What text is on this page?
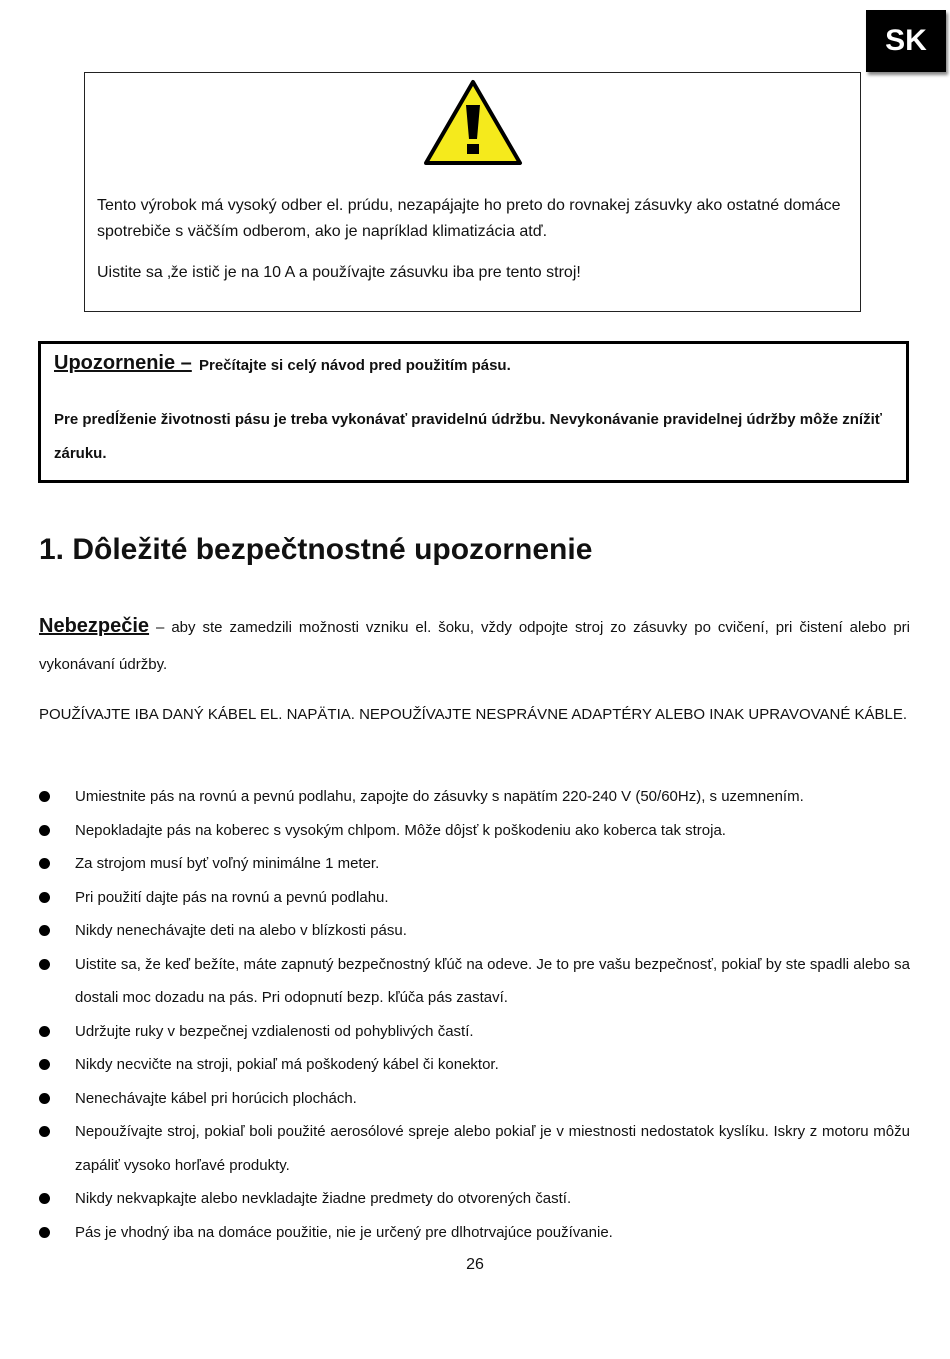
SK

Tento výrobok má vysoký odber el. prúdu, nezapájajte ho preto do rovnakej zásuvky ako ostatné domáce spotrebiče s väčším odberom, ako je napríklad klimatizácia atď.

Uistite sa ‚že istič je na 10 A a používajte zásuvku iba pre tento stroj!

Upozornenie – Prečítajte si celý návod pred použitím pásu.

Pre predĺženie životnosti pásu je treba vykonávať pravidelnú údržbu. Nevykonávanie pravidelnej údržby môže znížiť záruku.

1. Dôležité bezpečtnostné upozornenie

Nebezpečie – aby ste zamedzili možnosti vzniku el. šoku, vždy odpojte stroj zo zásuvky po cvičení, pri čistení alebo pri vykonávaní údržby.

POUŽÍVAJTE IBA DANÝ KÁBEL EL. NAPÄTIA. NEPOUŽÍVAJTE NESPRÁVNE ADAPTÉRY ALEBO INAK UPRAVOVANÉ KÁBLE.

Umiestnite pás na rovnú a pevnú podlahu, zapojte do zásuvky s napätím 220-240 V (50/60Hz), s uzemnením.
Nepokladajte pás na koberec s vysokým chlpom. Môže dôjsť k poškodeniu ako koberca tak stroja.
Za strojom musí byť voľný minimálne 1 meter.
Pri použití dajte pás na rovnú a pevnú podlahu.
Nikdy nenechávajte deti na alebo v blízkosti pásu.
Uistite sa, že keď bežíte, máte zapnutý bezpečnostný kľúč na odeve. Je to pre vašu bezpečnosť, pokiaľ by ste spadli alebo sa dostali moc dozadu na pás. Pri odopnutí bezp. kľúča pás zastaví.
Udržujte ruky v bezpečnej vzdialenosti od pohyblivých častí.
Nikdy necvičte na stroji, pokiaľ má poškodený kábel či konektor.
Nenechávajte kábel pri horúcich plochách.
Nepoužívajte stroj, pokiaľ boli použité aerosólové spreje alebo pokiaľ je v miestnosti nedostatok kyslíku. Iskry z motoru môžu zapáliť vysoko horľavé produkty.
Nikdy nekvapkajte alebo nevkladajte žiadne predmety do otvorených častí.
Pás je vhodný iba na domáce použitie, nie je určený pre dlhotrvajúce používanie.
26
